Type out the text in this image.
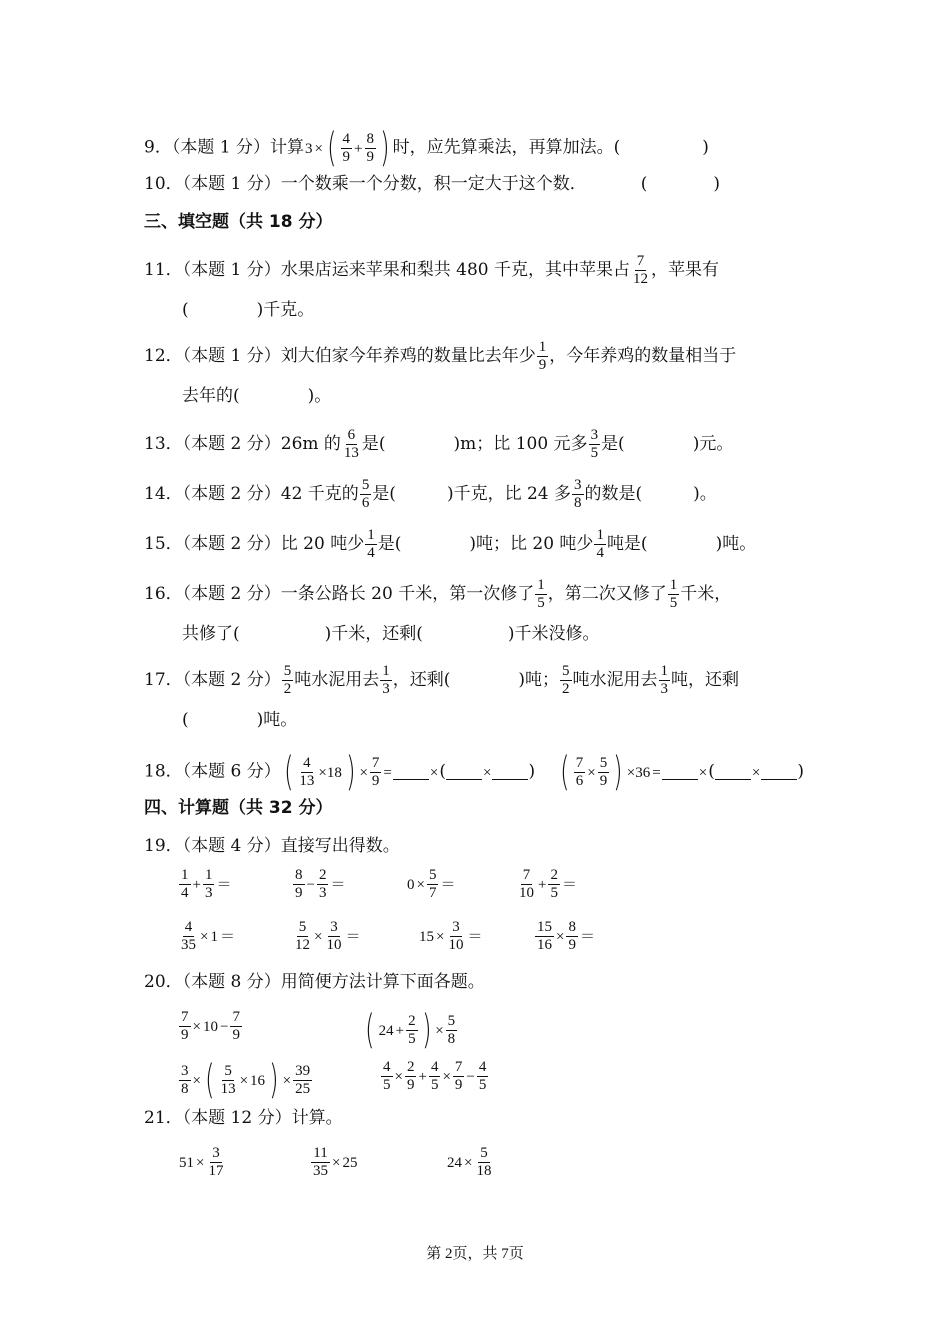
9．（本题 1 分）计算3 × ( $\frac{4}{9} + \frac{8}{9}$ ) 时，应先算乘法，再算加法。(	)
10．（本题 1 分）一个数乘一个分数，积一定大于这个数．	(	)
三、填空题（共 18 分）
11．（本题 1 分）水果店运来苹果和梨共 480 千克，其中苹果占 $\frac{7}{12}$ ，苹果有
(　　　　)千克。
12．（本题 1 分）刘大伯家今年养鸡的数量比去年少 $\frac{1}{9}$ ，今年养鸡的数量相当于
去年的(　　　　)。
13．（本题 2 分）26m 的 $\frac{6}{13}$ 是(　　　　)m；比 100 元多 $\frac{3}{5}$ 是(　　　　)元。
14．（本题 2 分）42 千克的 $\frac{5}{6}$ 是(　　　)千克，比 24 多 $\frac{3}{8}$ 的数是(　　　)。
15．（本题 2 分）比 20 吨少 $\frac{1}{4}$ 是(　　　　)吨；比 20 吨少 $\frac{1}{4}$ 吨是(　　　　)吨。
16．（本题 2 分）一条公路长 20 千米，第一次修了 $\frac{1}{5}$ ，第二次又修了 $\frac{1}{5}$ 千米，
共修了(　　　　　)千米，还剩(　　　　　)千米没修。
17．（本题 2 分） $\frac{5}{2}$ 吨水泥用去 $\frac{1}{3}$ ，还剩(　　　　)吨； $\frac{5}{2}$ 吨水泥用去 $\frac{1}{3}$ 吨，还剩
(　　　　)吨。
18．（本题 6 分）( $\frac{4}{13} \times 18$ ) × $\frac{7}{9}$ =	×( × ) ( $\frac{7}{6} \times \frac{5}{9}$ ) ×36 =	×( × )
四、计算题（共 32 分）
19．（本题 4 分）直接写出得数。
$\frac{1}{4} + \frac{1}{3}$ ＝	$\frac{8}{9} - \frac{2}{3}$ ＝	$0 \times \frac{5}{7}$ ＝	$\frac{7}{10} + \frac{2}{5}$ ＝
$\frac{4}{35} \times 1$ ＝	$\frac{5}{12} \times \frac{3}{10}$ ＝	$15 \times \frac{3}{10}$ ＝	$\frac{15}{16} \times \frac{8}{9}$ ＝
20．（本题 8 分）用简便方法计算下面各题。
$\frac{7}{9} \times 10 - \frac{7}{9}$	( $24 + \frac{2}{5}$ ) × $\frac{5}{8}$
$\frac{3}{8}$ × ( $\frac{5}{13} \times 16$ ) × $\frac{39}{25}$	$\frac{4}{5} \times \frac{2}{9} + \frac{4}{5} \times \frac{7}{9} - \frac{4}{5}$
21．（本题 12 分）计算。
$51 \times \frac{3}{17}$	$\frac{11}{35} \times 25$	$24 \times \frac{5}{18}$
第 2页，共 7页
